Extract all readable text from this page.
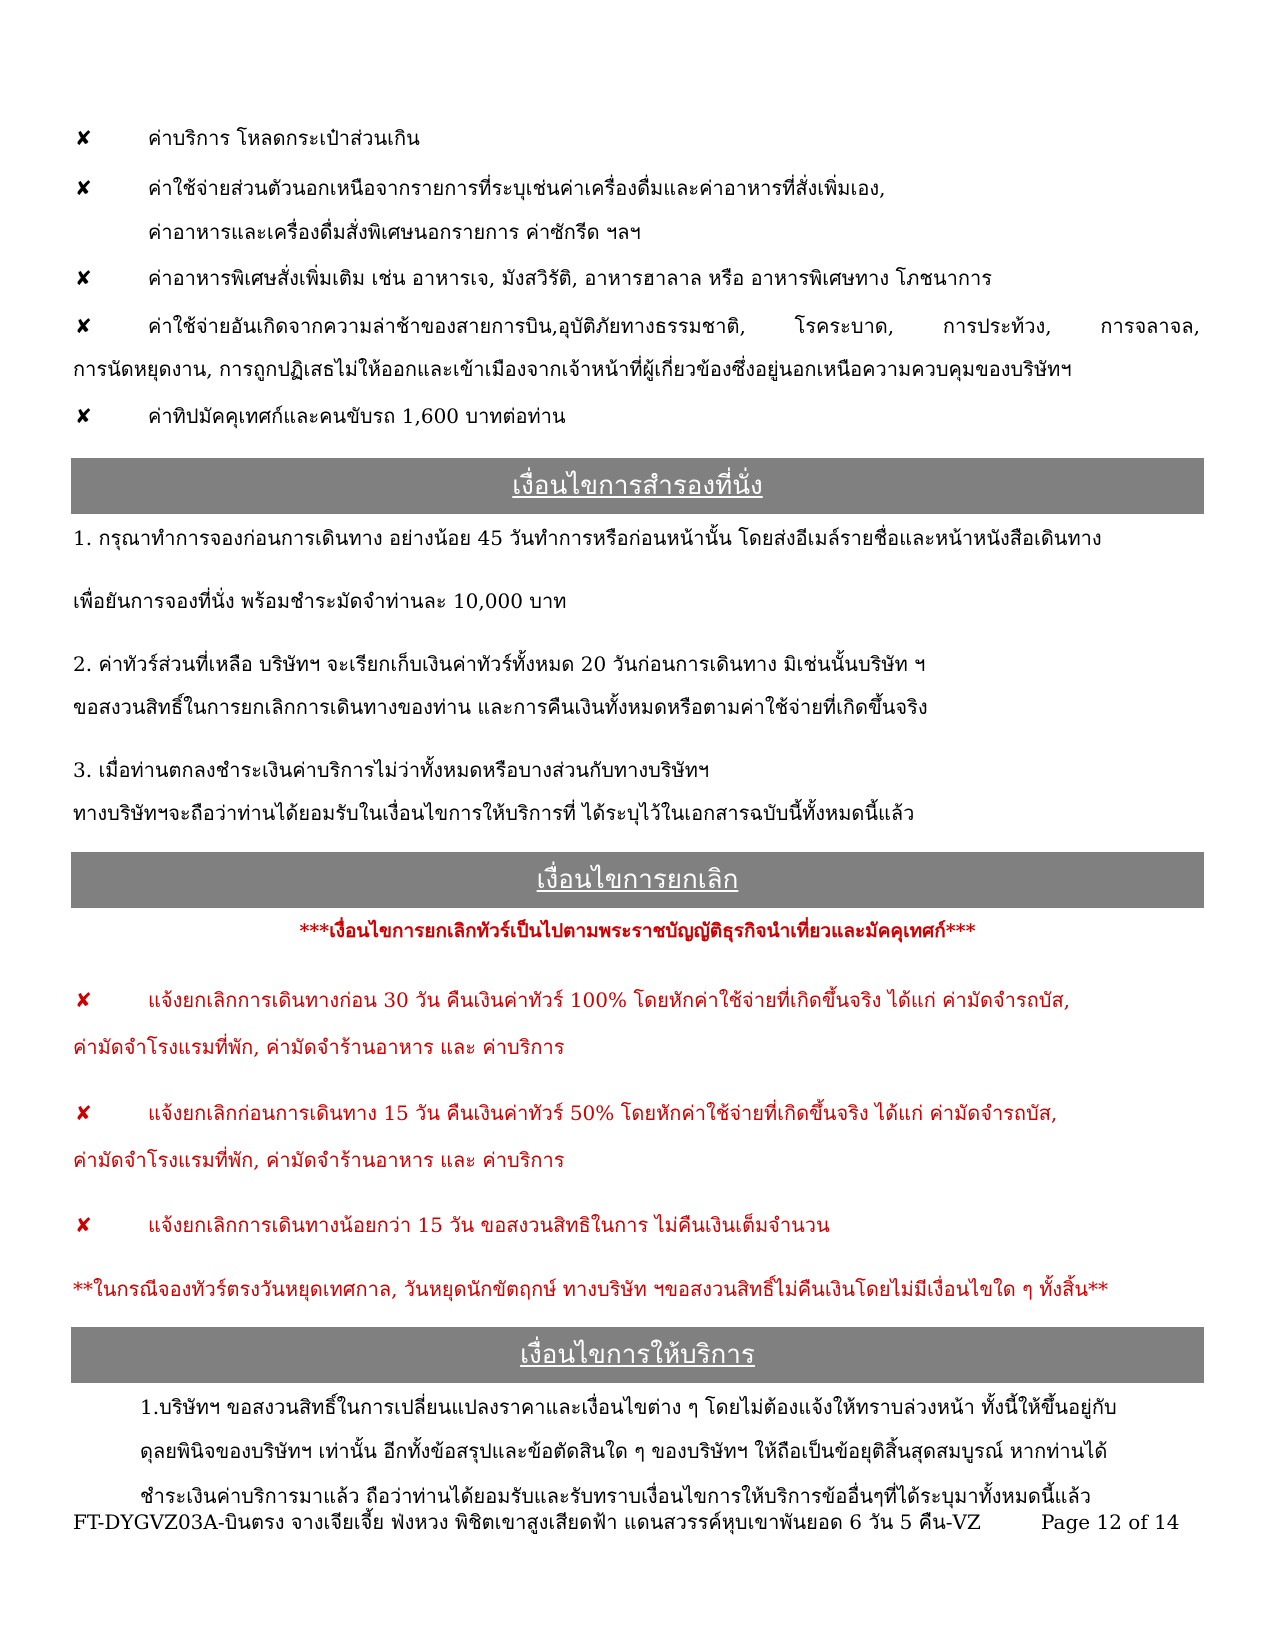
✘	ค่าบริการ โหลดกระเป๋าส่วนเกิน
✘	ค่าใช้จ่ายส่วนตัวนอกเหนือจากรายการที่ระบุเช่นค่าเครื่องดื่มและค่าอาหารที่สั่งเพิ่มเอง,
ค่าอาหารและเครื่องดื่มสั่งพิเศษนอกรายการ ค่าซักรีด ฯลฯ
✘	ค่าอาหารพิเศษสั่งเพิ่มเติม เช่น อาหารเจ, มังสวิรัติ, อาหารฮาลาล หรือ อาหารพิเศษทาง โภชนาการ
✘	ค่าใช้จ่ายอันเกิดจากความล่าช้าของสายการบิน,อุบัติภัยทางธรรมชาติ, โรคระบาด, การประท้วง, การจลาจล,
การนัดหยุดงาน, การถูกปฏิเสธไม่ให้ออกและเข้าเมืองจากเจ้าหน้าที่ผู้เกี่ยวข้องซึ่งอยู่นอกเหนือความควบคุมของบริษัทฯ
✘	ค่าทิปมัคคุเทศก์และคนขับรถ 1,600 บาทต่อท่าน
เงื่อนไขการสำรองที่นั่ง
1. กรุณาทำการจองก่อนการเดินทาง อย่างน้อย 45 วันทำการหรือก่อนหน้านั้น โดยส่งอีเมล์รายชื่อและหน้าหนังสือเดินทาง
เพื่อยันการจองที่นั่ง พร้อมชำระมัดจำท่านละ 10,000 บาท
2. ค่าทัวร์ส่วนที่เหลือ บริษัทฯ จะเรียกเก็บเงินค่าทัวร์ทั้งหมด 20 วันก่อนการเดินทาง มิเช่นนั้นบริษัท ฯ
ขอสงวนสิทธิ์ในการยกเลิกการเดินทางของท่าน และการคืนเงินทั้งหมดหรือตามค่าใช้จ่ายที่เกิดขึ้นจริง
3. เมื่อท่านตกลงชำระเงินค่าบริการไม่ว่าทั้งหมดหรือบางส่วนกับทางบริษัทฯ
ทางบริษัทฯจะถือว่าท่านได้ยอมรับในเงื่อนไขการให้บริการที่ ได้ระบุไว้ในเอกสารฉบับนี้ทั้งหมดนี้แล้ว
เงื่อนไขการยกเลิก
***เงื่อนไขการยกเลิกทัวร์เป็นไปตามพระราชบัญญัติธุรกิจนำเที่ยวและมัคคุเทศก์***
✘	แจ้งยกเลิกการเดินทางก่อน 30 วัน คืนเงินค่าทัวร์ 100% โดยหักค่าใช้จ่ายที่เกิดขึ้นจริง ได้แก่ ค่ามัดจำรถบัส,
ค่ามัดจำโรงแรมที่พัก, ค่ามัดจำร้านอาหาร และ ค่าบริการ
✘	แจ้งยกเลิกก่อนการเดินทาง 15 วัน คืนเงินค่าทัวร์ 50% โดยหักค่าใช้จ่ายที่เกิดขึ้นจริง ได้แก่ ค่ามัดจำรถบัส,
ค่ามัดจำโรงแรมที่พัก, ค่ามัดจำร้านอาหาร และ ค่าบริการ
✘	แจ้งยกเลิกการเดินทางน้อยกว่า 15 วัน ขอสงวนสิทธิในการ ไม่คืนเงินเต็มจำนวน
**ในกรณีจองทัวร์ตรงวันหยุดเทศกาล, วันหยุดนักขัตฤกษ์ ทางบริษัท ฯขอสงวนสิทธิ์ไม่คืนเงินโดยไม่มีเงื่อนไขใด ๆ ทั้งสิ้น**
เงื่อนไขการให้บริการ
1.บริษัทฯ ขอสงวนสิทธิ์ในการเปลี่ยนแปลงราคาและเงื่อนไขต่าง ๆ โดยไม่ต้องแจ้งให้ทราบล่วงหน้า ทั้งนี้ให้ขึ้นอยู่กับ
ดุลยพินิจของบริษัทฯ เท่านั้น อีกทั้งข้อสรุปและข้อตัดสินใด ๆ ของบริษัทฯ ให้ถือเป็นข้อยุติสิ้นสุดสมบูรณ์ หากท่านได้
ชำระเงินค่าบริการมาแล้ว ถือว่าท่านได้ยอมรับและรับทราบเงื่อนไขการให้บริการข้ออื่นๆที่ได้ระบุมาทั้งหมดนี้แล้ว
FT-DYGVZ03A-บินตรง จางเจียเจี้ย ฟ่งหวง พิชิตเขาสูงเสียดฟ้า แดนสวรรค์หุบเขาพันยอด 6 วัน 5 คืน-VZ	Page 12 of 14
